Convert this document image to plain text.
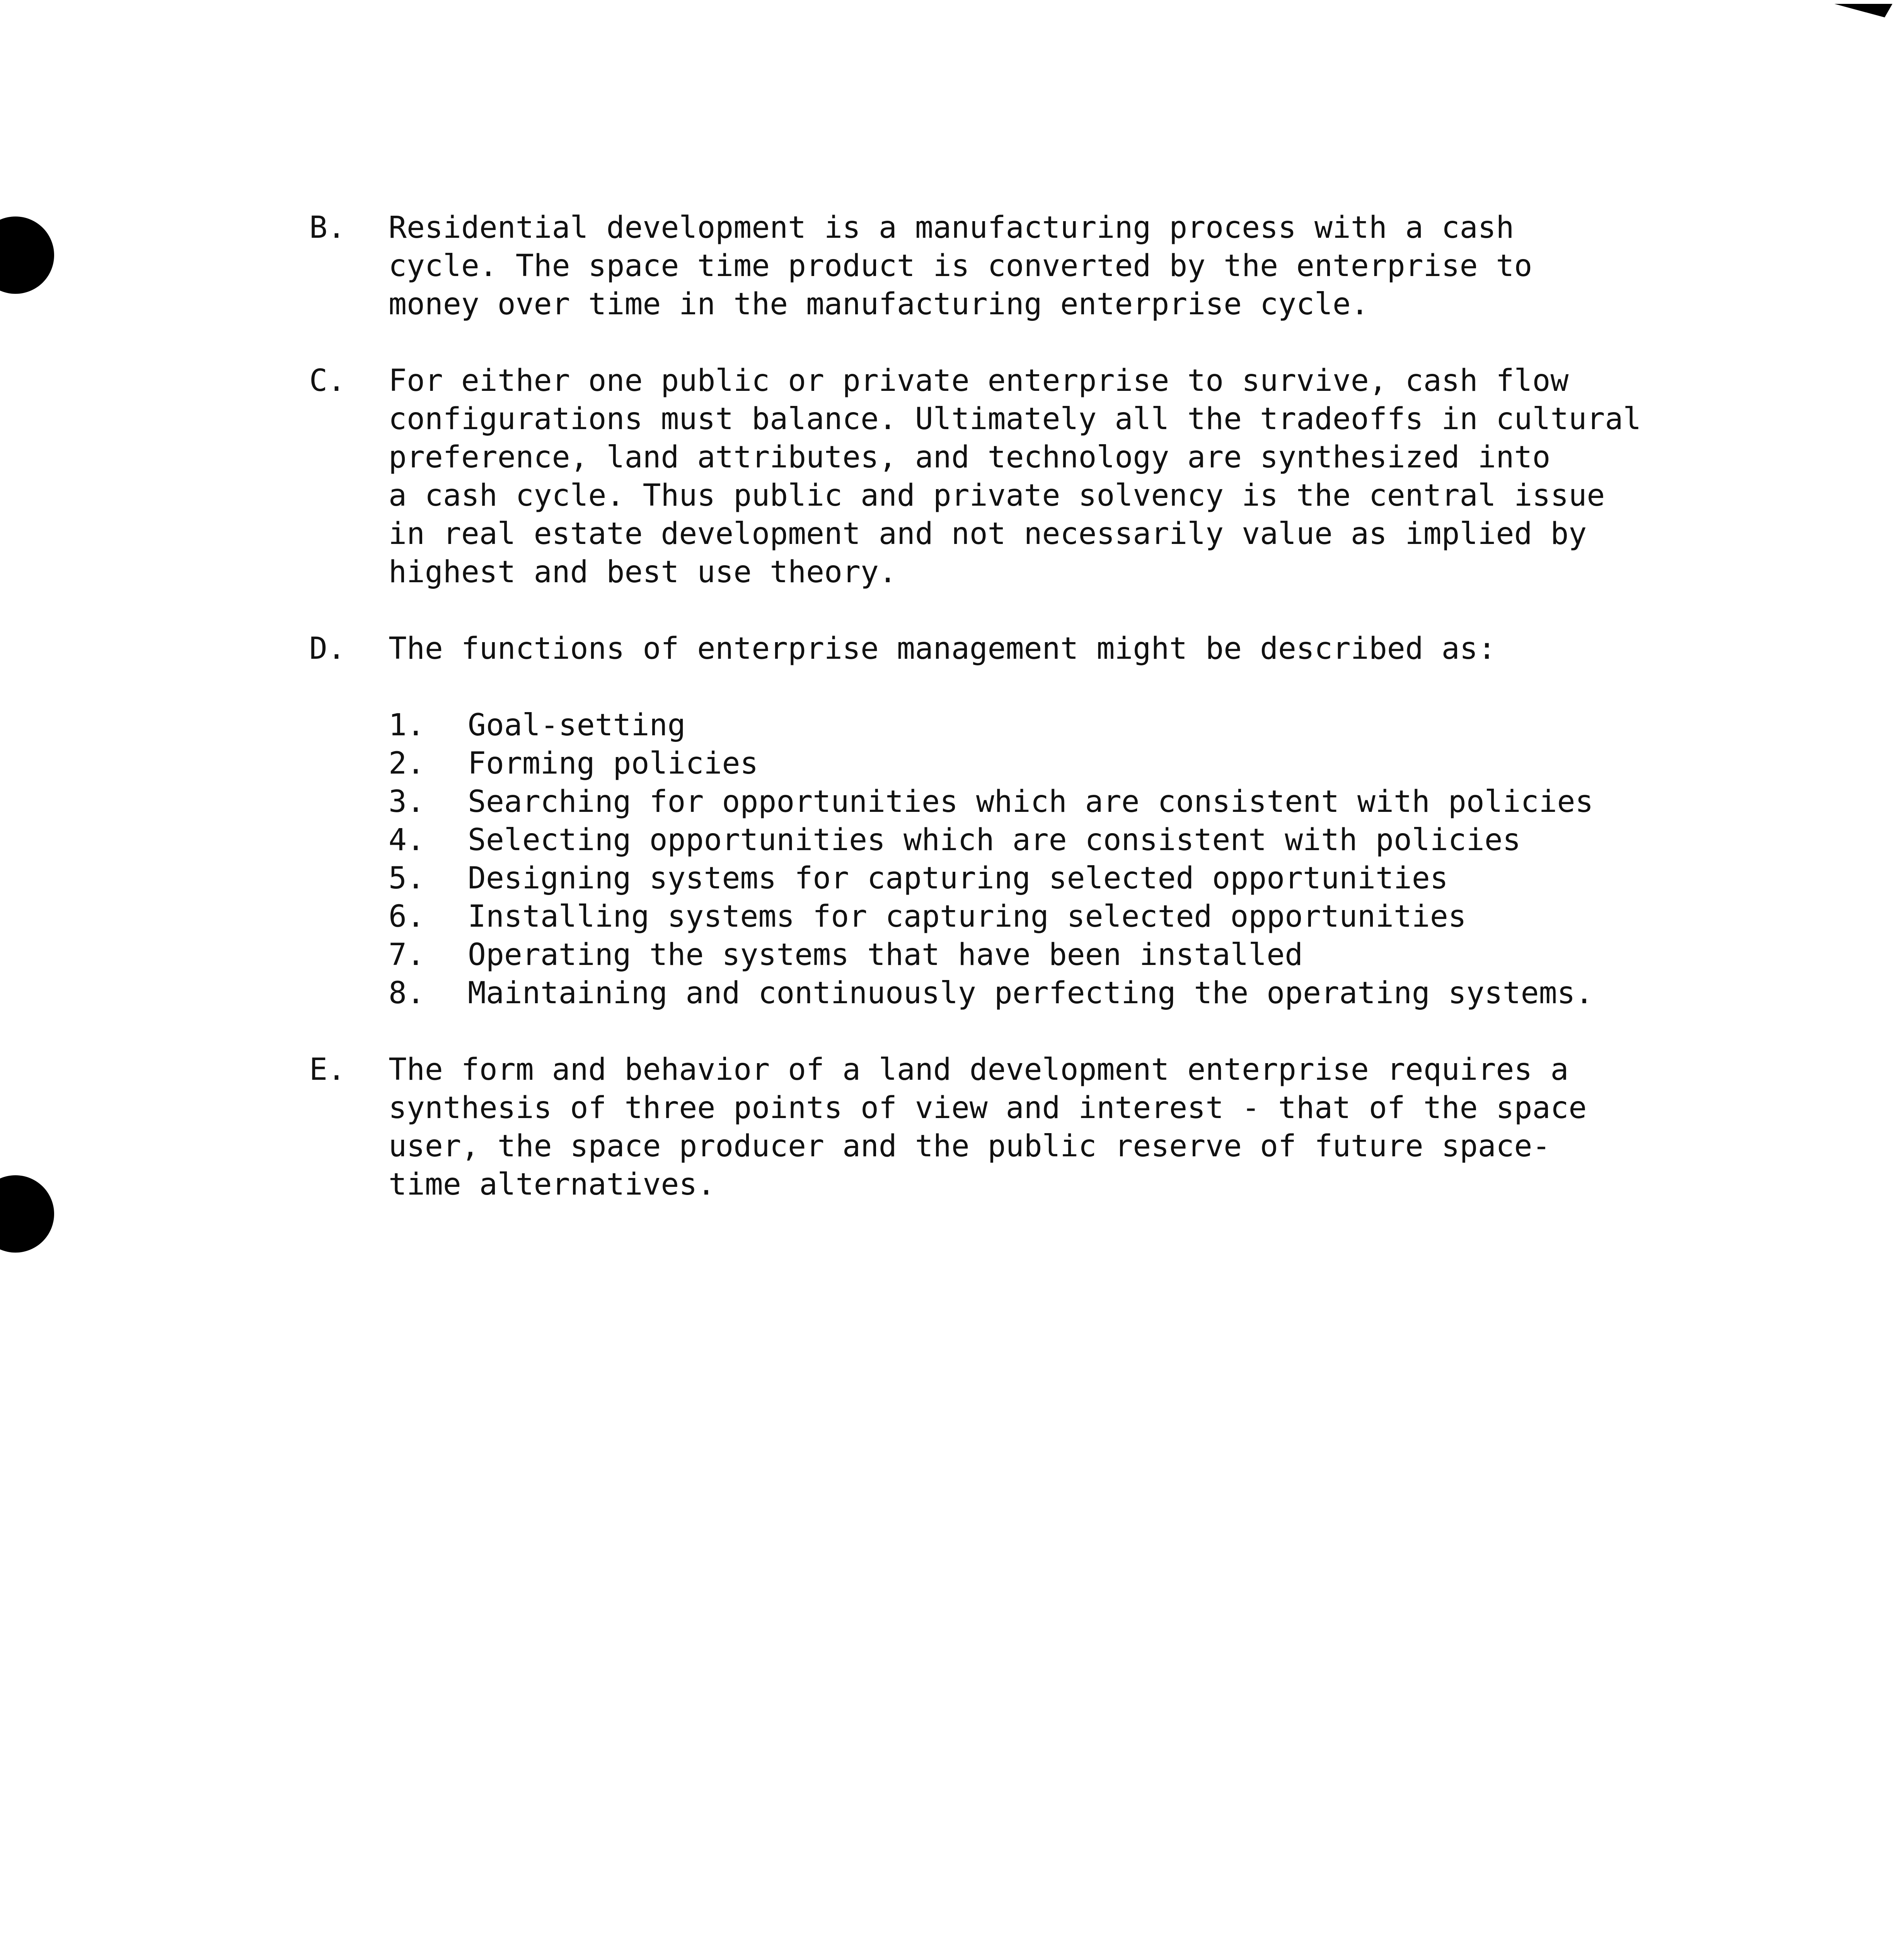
B. Residential development is a manufacturing process with a cash
cycle. The space time product is converted by the enterprise to
money over time in the manufacturing enterprise cycle.
C. For either one public or private enterprise to survive, cash flow
configurations must balance. Ultimately all the tradeoffs in cultural
preference, land attributes, and technology are synthesized into
a cash cycle. Thus public and private solvency is the central issue
in real estate development and not necessarily value as implied by
highest and best use theory.
D. The functions of enterprise management might be described as:
1. Goal-setting
2. Forming policies
3. Searching for opportunities which are consistent with policies
4. Selecting opportunities which are consistent with policies
5. Designing systems for capturing selected opportunities
6. Installing systems for capturing selected opportunities
7. Operating the systems that have been installed
8. Maintaining and continuously perfecting the operating systems.
E. The form and behavior of a land development enterprise requires a
synthesis of three points of view and interest - that of the space
user, the space producer and the public reserve of future space-
time alternatives.
